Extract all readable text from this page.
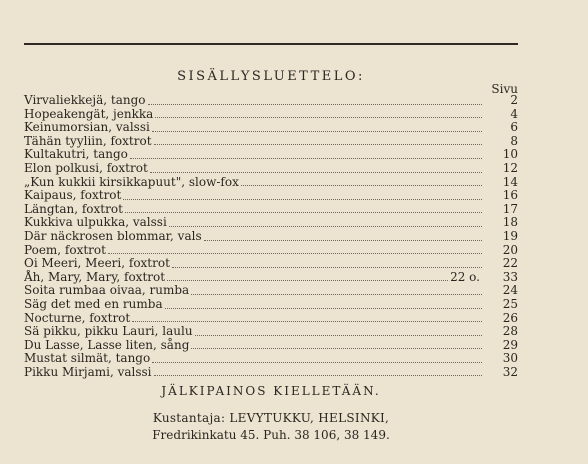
SISÄLLYSLUETTELO:
Sivu
Virvaliekkejä, tango	2
Hopeakengät, jenkka	4
Keinumorsian, valssi	6
Tähän tyyliin, foxtrot	8
Kultakutri, tango	10
Elon polkusi, foxtrot	12
„Kun kukkii kirsikkapuut", slow-fox	14
Kaipaus, foxtrot	16
Längtan, foxtrot	17
Kukkiva ulpukka, valssi	18
Där näckrosen blommar, vals	19
Poem, foxtrot	20
Oi Meeri, Meeri, foxtrot	22
Åh, Mary, Mary, foxtrot	22 o.	33
Soita rumbaa oivaa, rumba	24
Säg det med en rumba	25
Nocturne, foxtrot	26
Sä pikku, pikku Lauri, laulu	28
Du Lasse, Lasse liten, sång	29
Mustat silmät, tango	30
Pikku Mirjami, valssi	32
JÄLKIPAINOS KIELLETÄÄN.
Kustantaja: LEVYTUKKU, HELSINKI,
Fredrikinkatu 45. Puh. 38 106, 38 149.
